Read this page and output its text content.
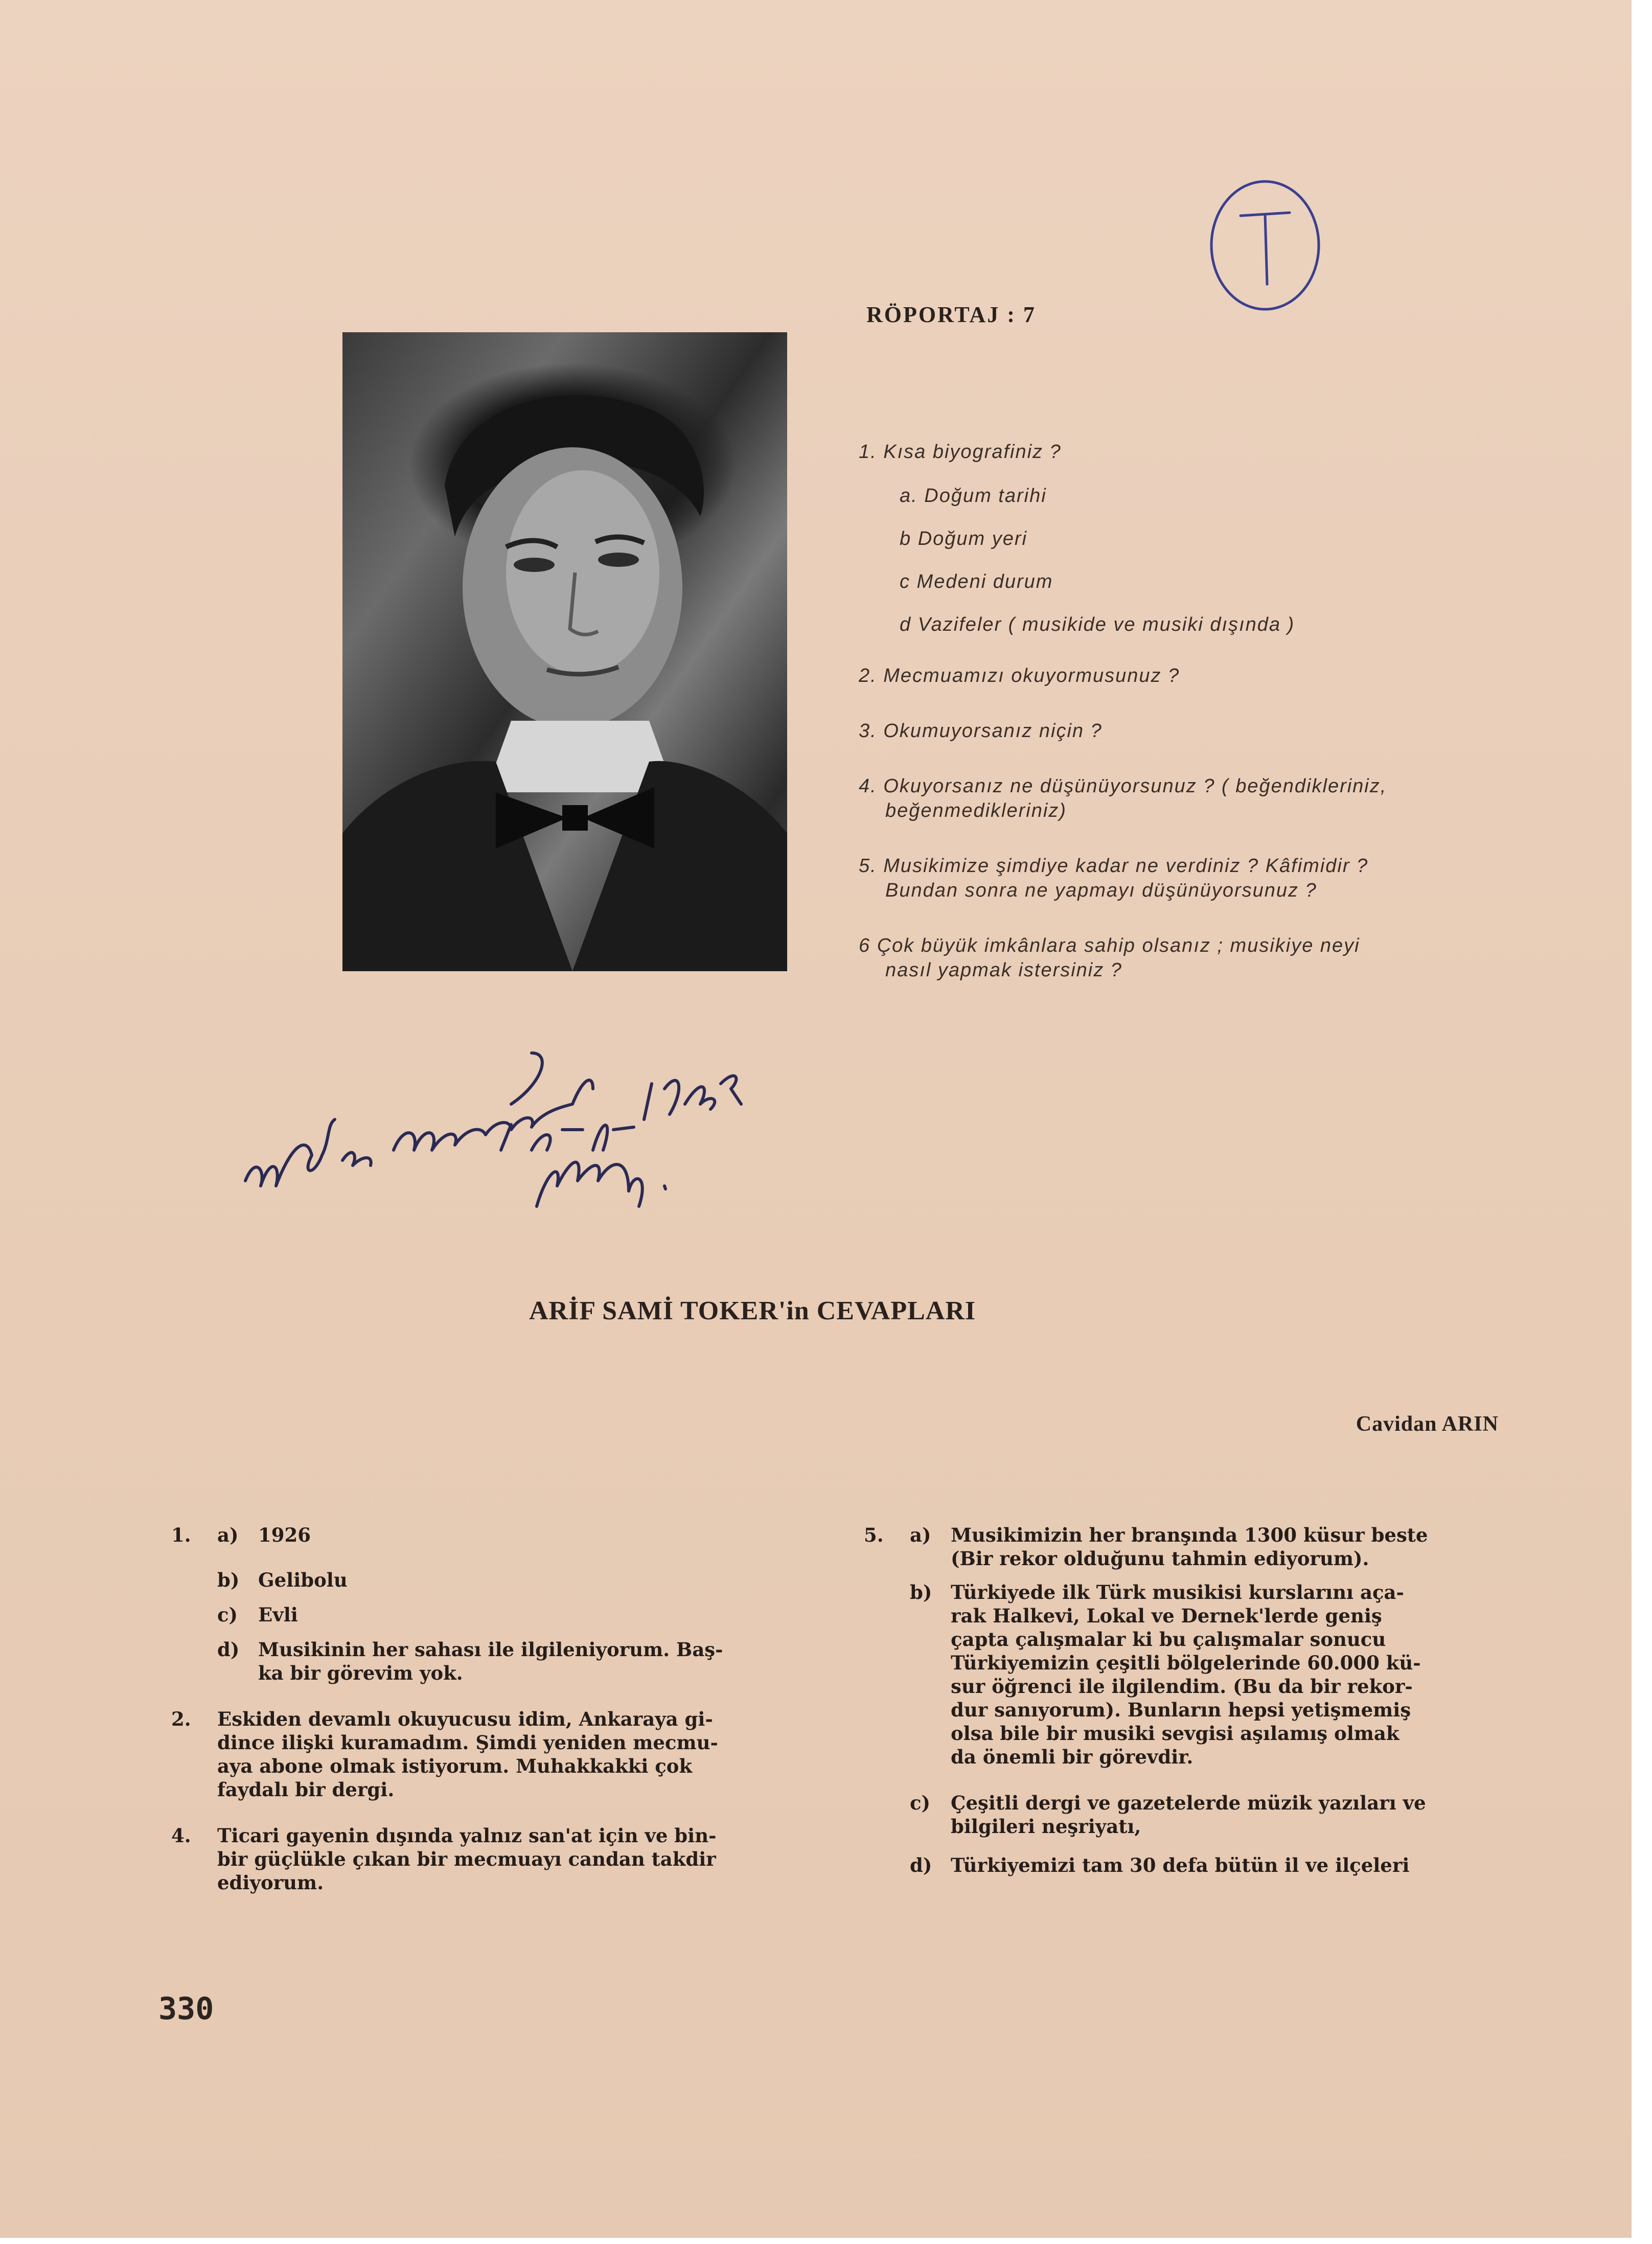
RÖPORTAJ : 7
1. Kısa biyografiniz ?
a. Doğum tarihi
b Doğum yeri
c Medeni durum
d Vazifeler ( musikide ve musiki dışında )
2. Mecmuamızı okuyormusunuz ?
3. Okumuyorsanız niçin ?
4. Okuyorsanız ne düşünüyorsunuz ? ( beğendikleriniz,
beğenmedikleriniz)
5. Musikimize şimdiye kadar ne verdiniz ? Kâfimidir ?
Bundan sonra ne yapmayı düşünüyorsunuz ?
6 Çok büyük imkânlara sahip olsanız ; musikiye neyi
nasıl yapmak istersiniz ?
ARİF SAMİ TOKER'in CEVAPLARI
Cavidan ARIN
1.	a)	1926
b) Gelibolu
c)	Evli
d) Musikinin her sahası ile ilgileniyorum. Baş-
ka bir görevim yok.
2.	Eskiden devamlı okuyucusu idim, Ankaraya gi-
dince ilişki kuramadım. Şimdi yeniden mecmu-
aya abone olmak istiyorum. Muhakkakki çok
faydalı bir dergi.
4.	Ticari gayenin dışında yalnız san'at için ve bin-
bir güçlükle çıkan bir mecmuayı candan takdir
ediyorum.
5.	a)	Musikimizin her branşında 1300 küsur beste
(Bir rekor olduğunu tahmin ediyorum).
b) Türkiyede ilk Türk musikisi kurslarını aça-
rak Halkevi, Lokal ve Dernek'lerde geniş
çapta çalışmalar ki bu çalışmalar sonucu
Türkiyemizin çeşitli bölgelerinde 60.000 kü-
sur öğrenci ile ilgilendim. (Bu da bir rekor-
dur sanıyorum). Bunların hepsi yetişmemiş
olsa bile bir musiki sevgisi aşılamış olmak
da önemli bir görevdir.
c)	Çeşitli dergi ve gazetelerde müzik yazıları ve
bilgileri neşriyatı,
d) Türkiyemizi tam 30 defa bütün il ve ilçeleri
330
